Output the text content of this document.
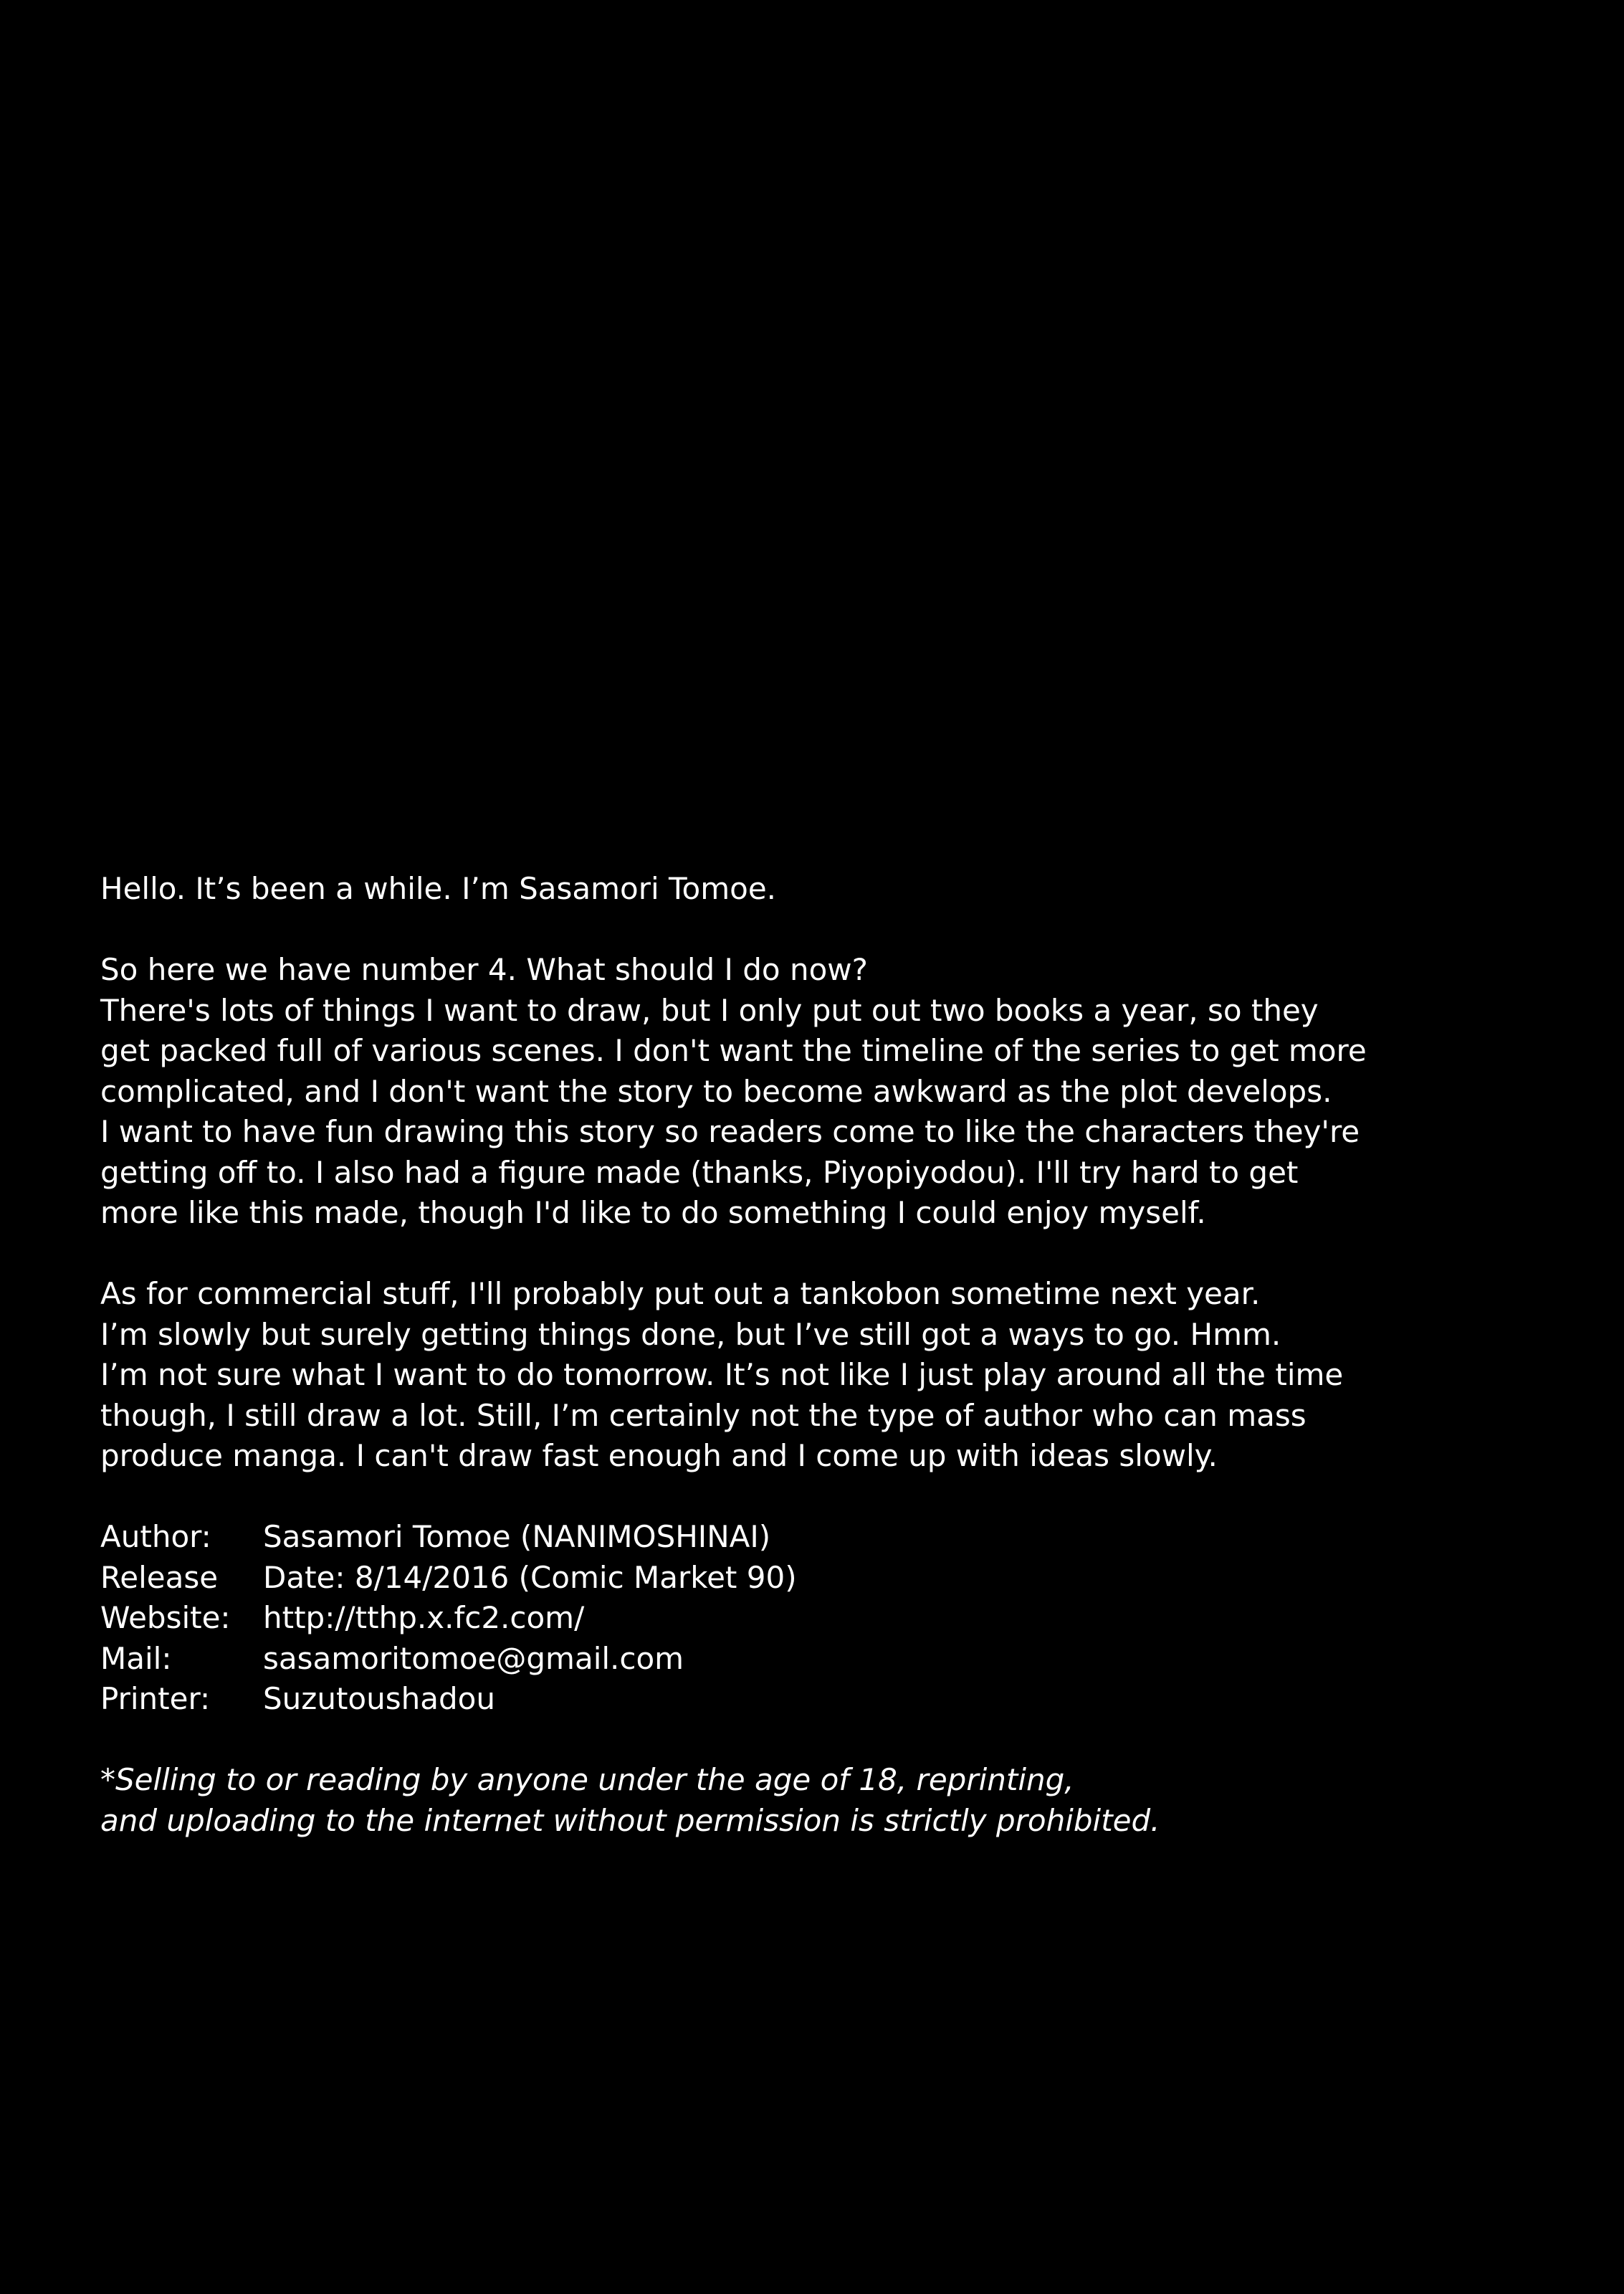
Hello. It’s been a while. I’m Sasamori Tomoe.
So here we have number 4. What should I do now?
There's lots of things I want to draw, but I only put out two books a year, so they
get packed full of various scenes. I don't want the timeline of the series to get more
complicated, and I don't want the story to become awkward as the plot develops.
I want to have fun drawing this story so readers come to like the characters they're
getting off to. I also had a figure made (thanks, Piyopiyodou). I'll try hard to get
more like this made, though I'd like to do something I could enjoy myself.
As for commercial stuff, I'll probably put out a tankobon sometime next year.
I’m slowly but surely getting things done, but I’ve still got a ways to go. Hmm.
I’m not sure what I want to do tomorrow. It’s not like I just play around all the time
though, I still draw a lot. Still, I’m certainly not the type of author who can mass
produce manga. I can't draw fast enough and I come up with ideas slowly.
Author:	Sasamori Tomoe (NANIMOSHINAI)
Release	Date: 8/14/2016 (Comic Market 90)
Website:	http://tthp.x.fc2.com/
Mail:	sasamoritomoe@gmail.com
Printer:	Suzutoushadou
*Selling to or reading by anyone under the age of 18, reprinting,
and uploading to the internet without permission is strictly prohibited.
